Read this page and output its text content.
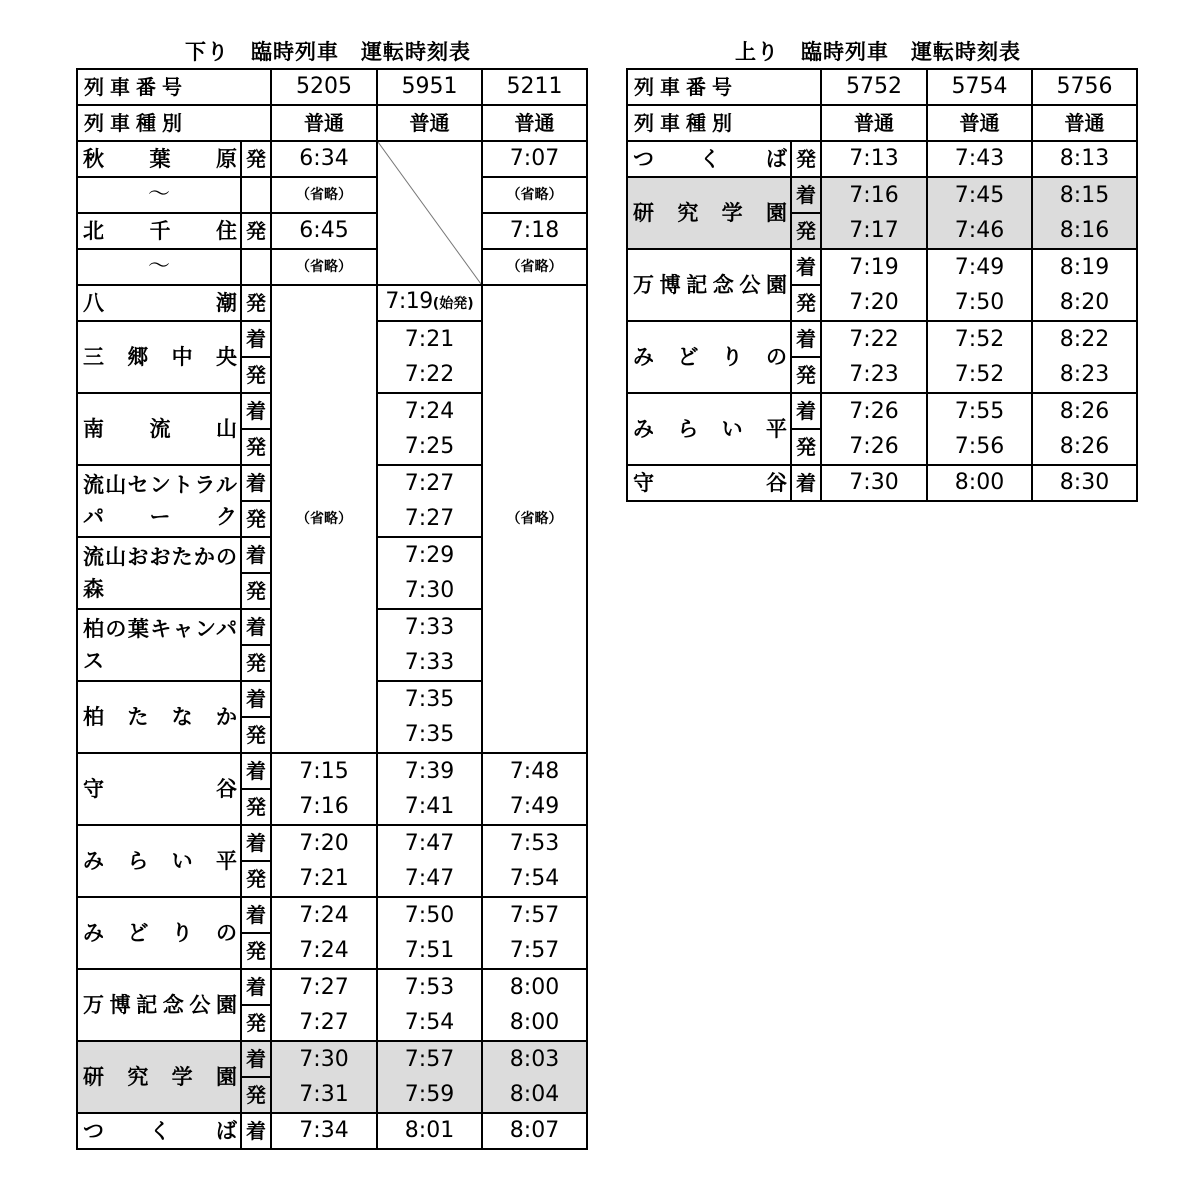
下り　臨時列車　運転時刻表	上り　臨時列車　運転時刻表
列車番号		5205	5951	5211
列車種別		普通	普通	普通
秋葉原	発	6:34		7:07
～		（省略）		（省略）
北千住	発	6:45		7:18
～		（省略）		（省略）
八潮	発	（省略）	7:19(始発)	（省略）
三郷中央	着		7:21	
	発		7:22	
南流山	着		7:24	
	発		7:25	
流山セントラルパーク	着		7:27	
	発		7:27	
流山おおたかの森	着		7:29	
	発		7:30	
柏の葉キャンパス	着		7:33	
	発		7:33	
柏たなか	着		7:35	
	発		7:35	
守谷	着	7:15	7:39	7:48
	発	7:16	7:41	7:49
みらい平	着	7:20	7:47	7:53
	発	7:21	7:47	7:54
みどりの	着	7:24	7:50	7:57
	発	7:24	7:51	7:57
万博記念公園	着	7:27	7:53	8:00
	発	7:27	7:54	8:00
研究学園	着	7:30	7:57	8:03
	発	7:31	7:59	8:04
つくば	着	7:34	8:01	8:07
列車番号		5752	5754	5756
列車種別		普通	普通	普通
つくば	発	7:13	7:43	8:13
研究学園	着	7:16	7:45	8:15
	発	7:17	7:46	8:16
万博記念公園	着	7:19	7:49	8:19
	発	7:20	7:50	8:20
みどりの	着	7:22	7:52	8:22
	発	7:23	7:52	8:23
みらい平	着	7:26	7:55	8:26
	発	7:26	7:56	8:26
守谷	着	7:30	8:00	8:30
